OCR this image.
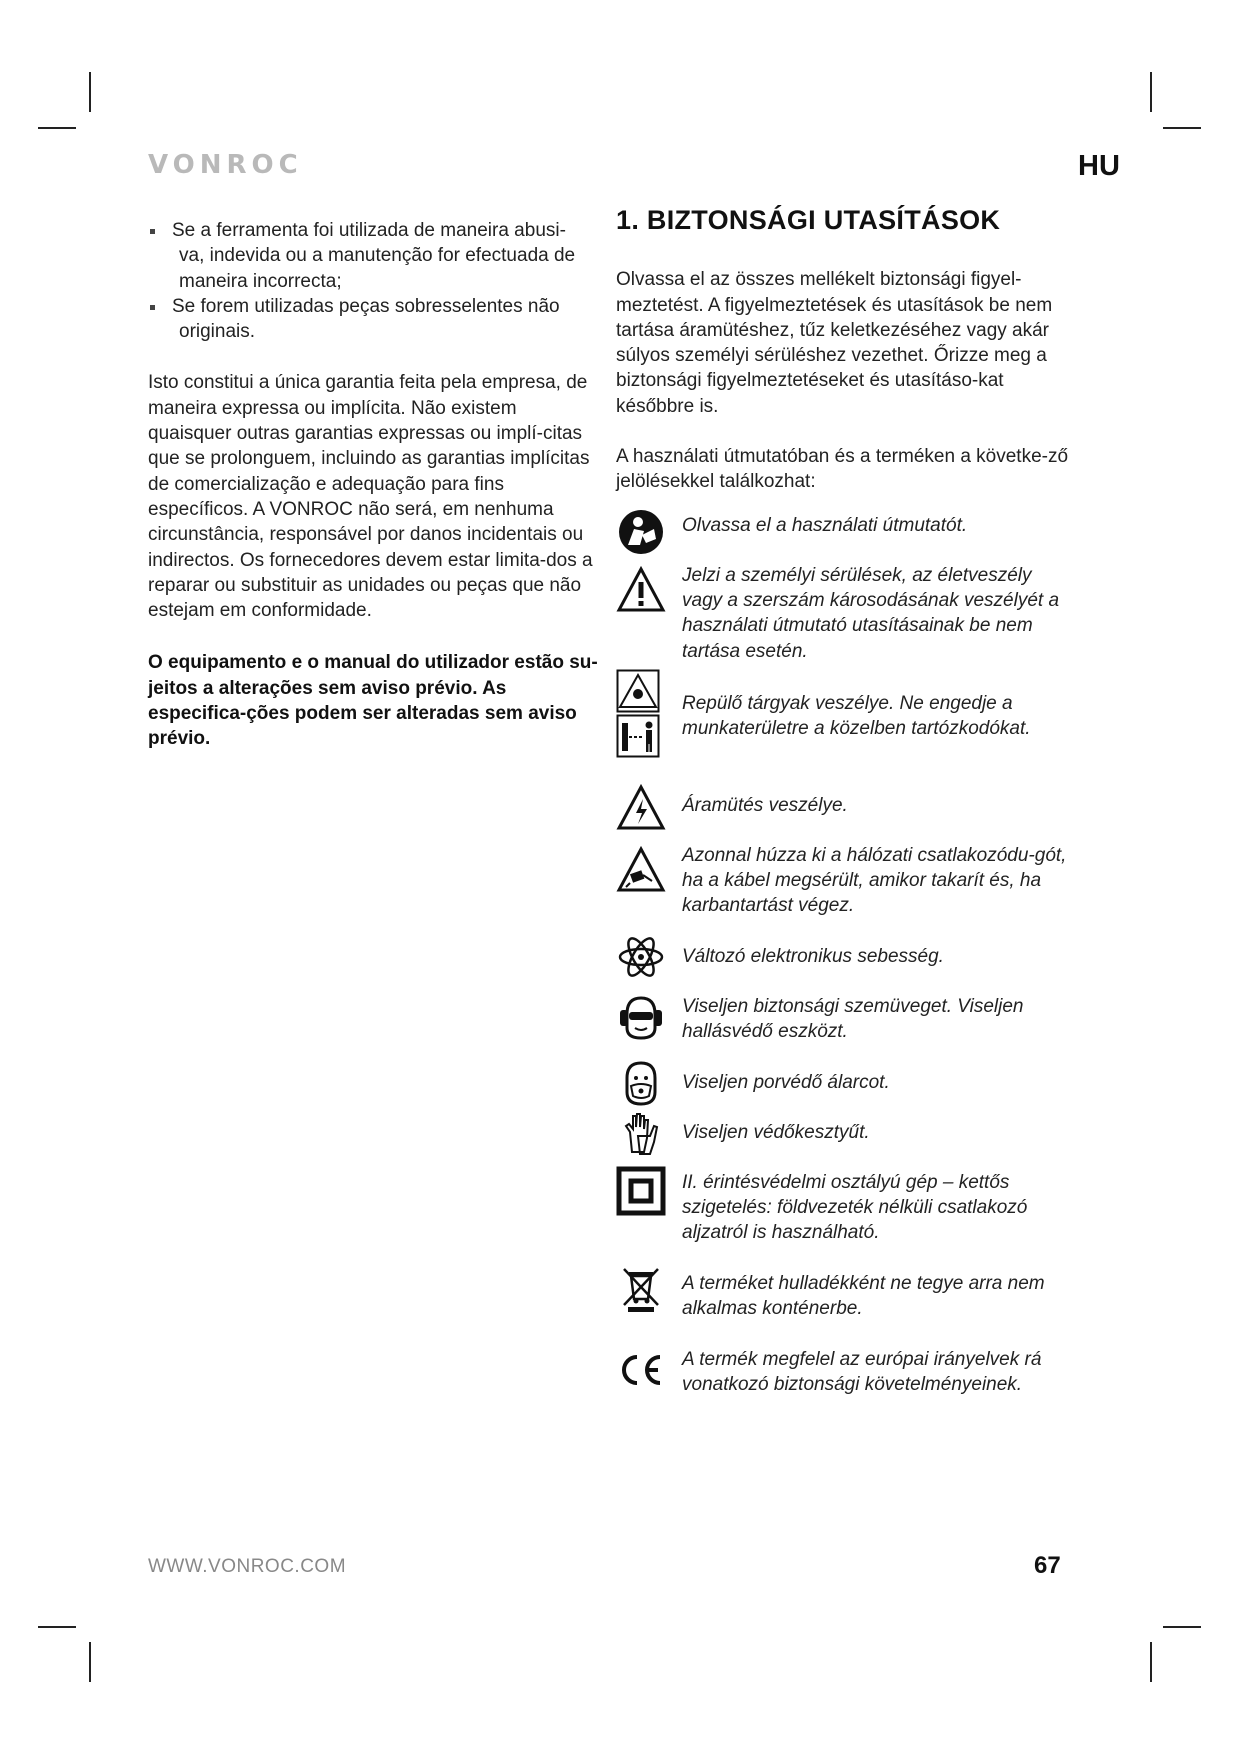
VONROC	HU
Se a ferramenta foi utilizada de maneira abusi-
va, indevida ou a manutenção for efectuada de maneira incorrecta;
Se forem utilizadas peças sobresselentes não
originais.
Isto constitui a única garantia feita pela empresa, de maneira expressa ou implícita. Não existem quaisquer outras garantias expressas ou implí-citas que se prolonguem, incluindo as garantias implícitas de comercialização e adequação para fins específicos. A VONROC não será, em nenhuma circunstância, responsável por danos incidentais ou indirectos. Os fornecedores devem estar limita-dos a reparar ou substituir as unidades ou peças que não estejam em conformidade.
O equipamento e o manual do utilizador estão su-jeitos a alterações sem aviso prévio. As especifica-ções podem ser alteradas sem aviso prévio.
1. BIZTONSÁGI UTASÍTÁSOK
Olvassa el az összes mellékelt biztonsági figyel-meztetést. A figyelmeztetések és utasítások be nem tartása áramütéshez, tűz keletkezéséhez vagy akár súlyos személyi sérüléshez vezethet. Őrizze meg a biztonsági figyelmeztetéseket és utasításo-kat későbbre is.
A használati útmutatóban és a terméken a követke-ző jelölésekkel találkozhat:
Olvassa el a használati útmutatót.
Jelzi a személyi sérülések, az életveszély vagy a szerszám károsodásának veszélyét a használati útmutató utasításainak be nem tartása esetén.
Repülő tárgyak veszélye. Ne engedje a munkaterületre a közelben tartózkodókat.
Áramütés veszélye.
Azonnal húzza ki a hálózati csatlakozódu-gót, ha a kábel megsérült, amikor takarít és, ha karbantartást végez.
Változó elektronikus sebesség.
Viseljen biztonsági szemüveget. Viseljen hallásvédő eszközt.
Viseljen porvédő álarcot.
Viseljen védőkesztyűt.
II. érintésvédelmi osztályú gép – kettős szigetelés: földvezeték nélküli csatlakozó aljzatról is használható.
A terméket hulladékként ne tegye arra nem alkalmas konténerbe.
A termék megfelel az európai irányelvek rá vonatkozó biztonsági követelményeinek.
WWW.VONROC.COM	67
